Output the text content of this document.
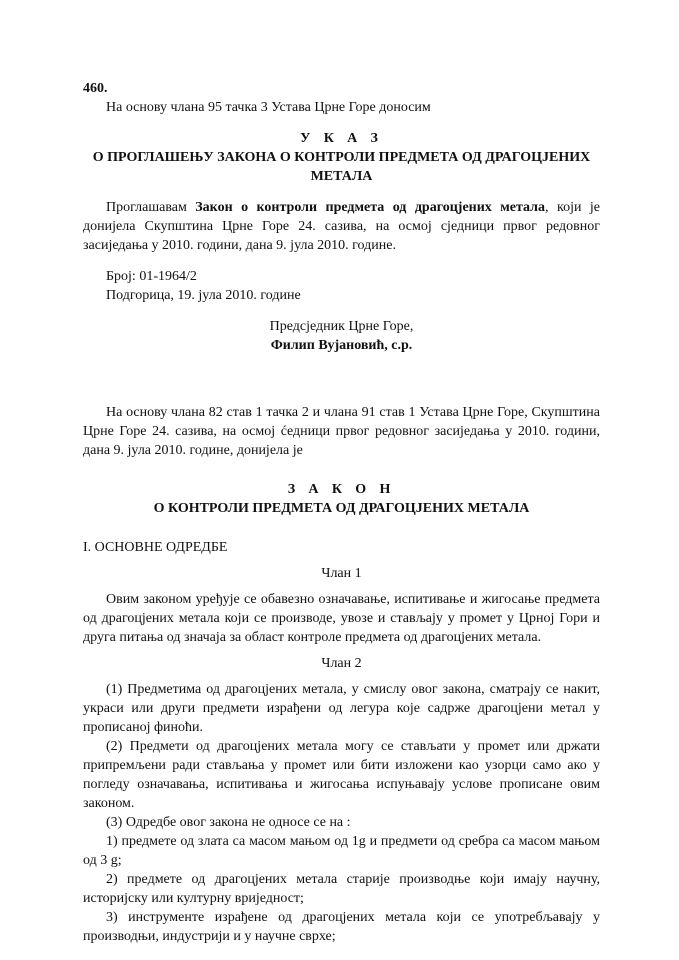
460.

На основу члана 95 тачка 3 Устава Црне Горе доносим

У К А З

О ПРОГЛАШЕЊУ ЗАКОНА О КОНТРОЛИ ПРЕДМЕТА ОД ДРАГОЦЈЕНИХ МЕТАЛА

Проглашавам Закон о контроли предмета од драгоцјених метала, који је донијела Скупштина Црне Горе 24. сазива, на осмој сједници првог редовног засиједања у 2010. години, дана 9. јула 2010. године.

Број: 01-1964/2

Подгорица, 19. јула 2010. године

Предсједник Црне Горе,

Филип Вујановић, с.р.

На основу члана 82 став 1 тачка 2 и члана 91 став 1 Устава Црне Горе, Скупштина Црне Горе 24. сазива, на осмој ćедници првог редовног засиједања у 2010. години, дана 9. јула 2010. године, донијела је

З А К О Н

О КОНТРОЛИ ПРЕДМЕТА ОД ДРАГОЦЈЕНИХ МЕТАЛА

I. ОСНОВНЕ ОДРЕДБЕ

Члан 1

Овим законом уређује се обавезно означавање, испитивање и жигосање предмета од драгоцјених метала који се производе, увозе и стављају у промет у Црној Гори и друга питања од значаја за област контроле предмета од драгоцјених метала.

Члан 2

(1) Предметима од драгоцјених метала, у смислу овог закона, сматрају се накит, украси или други предмети израђени од легура које садрже драгоцјени метал у прописаној финоћи.

(2) Предмети од драгоцјених метала могу се стављати у промет или држати припремљени ради стављања у промет или бити изложени као узорци само ако у погледу означавања, испитивања и жигосања испуњавају услове прописане овим законом.

(3) Одредбе овог закона не односе се на :

1) предмете од злата са масом мањом од 1g и предмети од сребра са масом мањом од 3 g;

2) предмете од драгоцјених метала старије производње који имају научну, историјску или културну вриједност;

3) инструменте израђене од драгоцјених метала који се употребљавају у производњи, индустрији и у научне сврхе;
